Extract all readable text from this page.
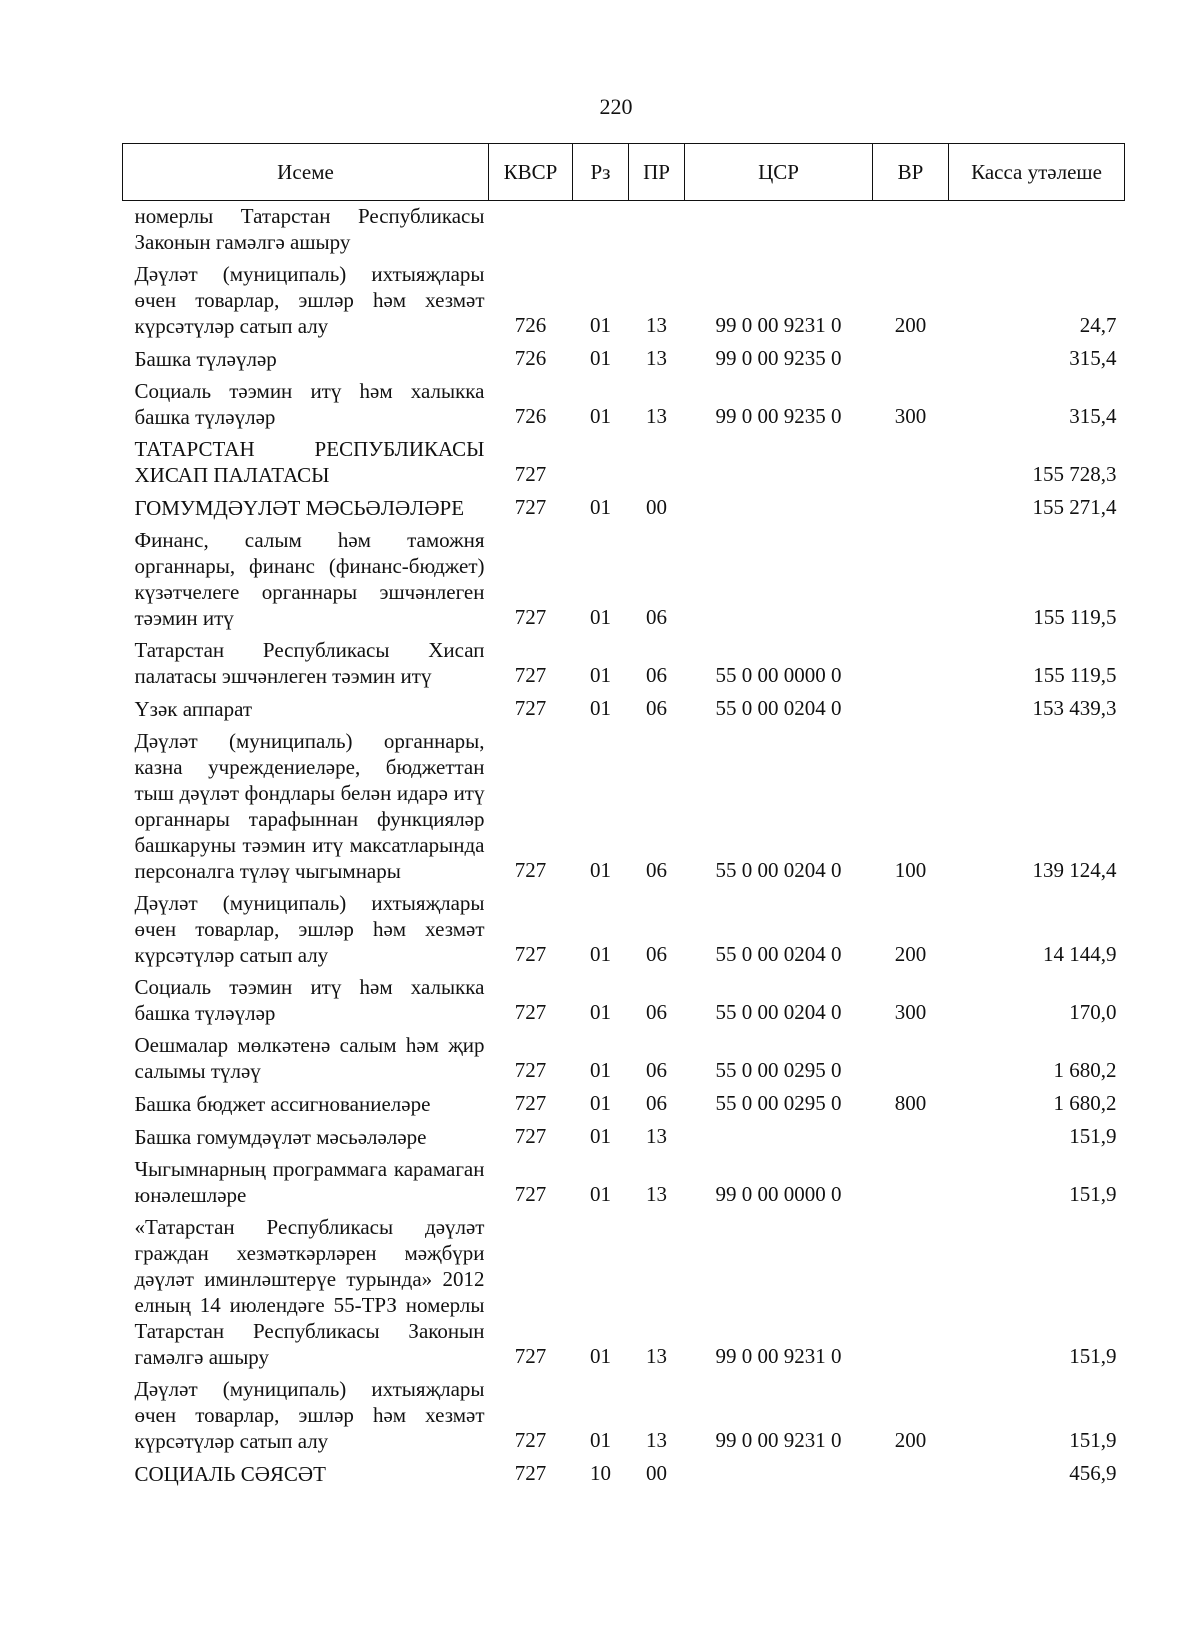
220
Исеме	КВСР	Рз	ПР	ЦСР	ВР	Касса утәлеше
номерлы Татарстан Республикасы Законын гамәлгә ашыру						
Дәүләт (муниципаль) ихтыяҗлары өчен товарлар, эшләр һәм хезмәт күрсәтүләр сатып алу	726	01	13	99 0 00 9231 0	200	24,7
Башка түләүләр	726	01	13	99 0 00 9235 0		315,4
Социаль тәэмин итү һәм халыкка башка түләүләр	726	01	13	99 0 00 9235 0	300	315,4
ТАТАРСТАН РЕСПУБЛИКАСЫ ХИСАП ПАЛАТАСЫ	727					155 728,3
ГОМУМДӘҮЛӘТ МӘСЬӘЛӘЛӘРЕ	727	01	00			155 271,4
Финанс, салым һәм таможня органнары, финанс (финанс-бюджет) күзәтчелеге органнары эшчәнлеген тәэмин итү	727	01	06			155 119,5
Татарстан Республикасы Хисап палатасы эшчәнлеген тәэмин итү	727	01	06	55 0 00 0000 0		155 119,5
Үзәк аппарат	727	01	06	55 0 00 0204 0		153 439,3
Дәүләт (муниципаль) органнары, казна учреждениеләре, бюджеттан тыш дәүләт фондлары белән идарә итү органнары тарафыннан функцияләр башкаруны тәэмин итү максатларында персоналга түләү чыгымнары	727	01	06	55 0 00 0204 0	100	139 124,4
Дәүләт (муниципаль) ихтыяҗлары өчен товарлар, эшләр һәм хезмәт күрсәтүләр сатып алу	727	01	06	55 0 00 0204 0	200	14 144,9
Социаль тәэмин итү һәм халыкка башка түләүләр	727	01	06	55 0 00 0204 0	300	170,0
Оешмалар мөлкәтенә салым һәм җир салымы түләү	727	01	06	55 0 00 0295 0		1 680,2
Башка бюджет ассигнованиеләре	727	01	06	55 0 00 0295 0	800	1 680,2
Башка гомумдәүләт мәсьәләләре	727	01	13			151,9
Чыгымнарның программага карамаган юнәлешләре	727	01	13	99 0 00 0000 0		151,9
«Татарстан Республикасы дәүләт граждан хезмәткәрләрен мәҗбүри дәүләт иминләштерүе турында» 2012 елның 14 июлендәге 55-ТРЗ номерлы Татарстан Республикасы Законын гамәлгә ашыру	727	01	13	99 0 00 9231 0		151,9
Дәүләт (муниципаль) ихтыяҗлары өчен товарлар, эшләр һәм хезмәт күрсәтүләр сатып алу	727	01	13	99 0 00 9231 0	200	151,9
СОЦИАЛЬ СӘЯСӘТ	727	10	00			456,9
